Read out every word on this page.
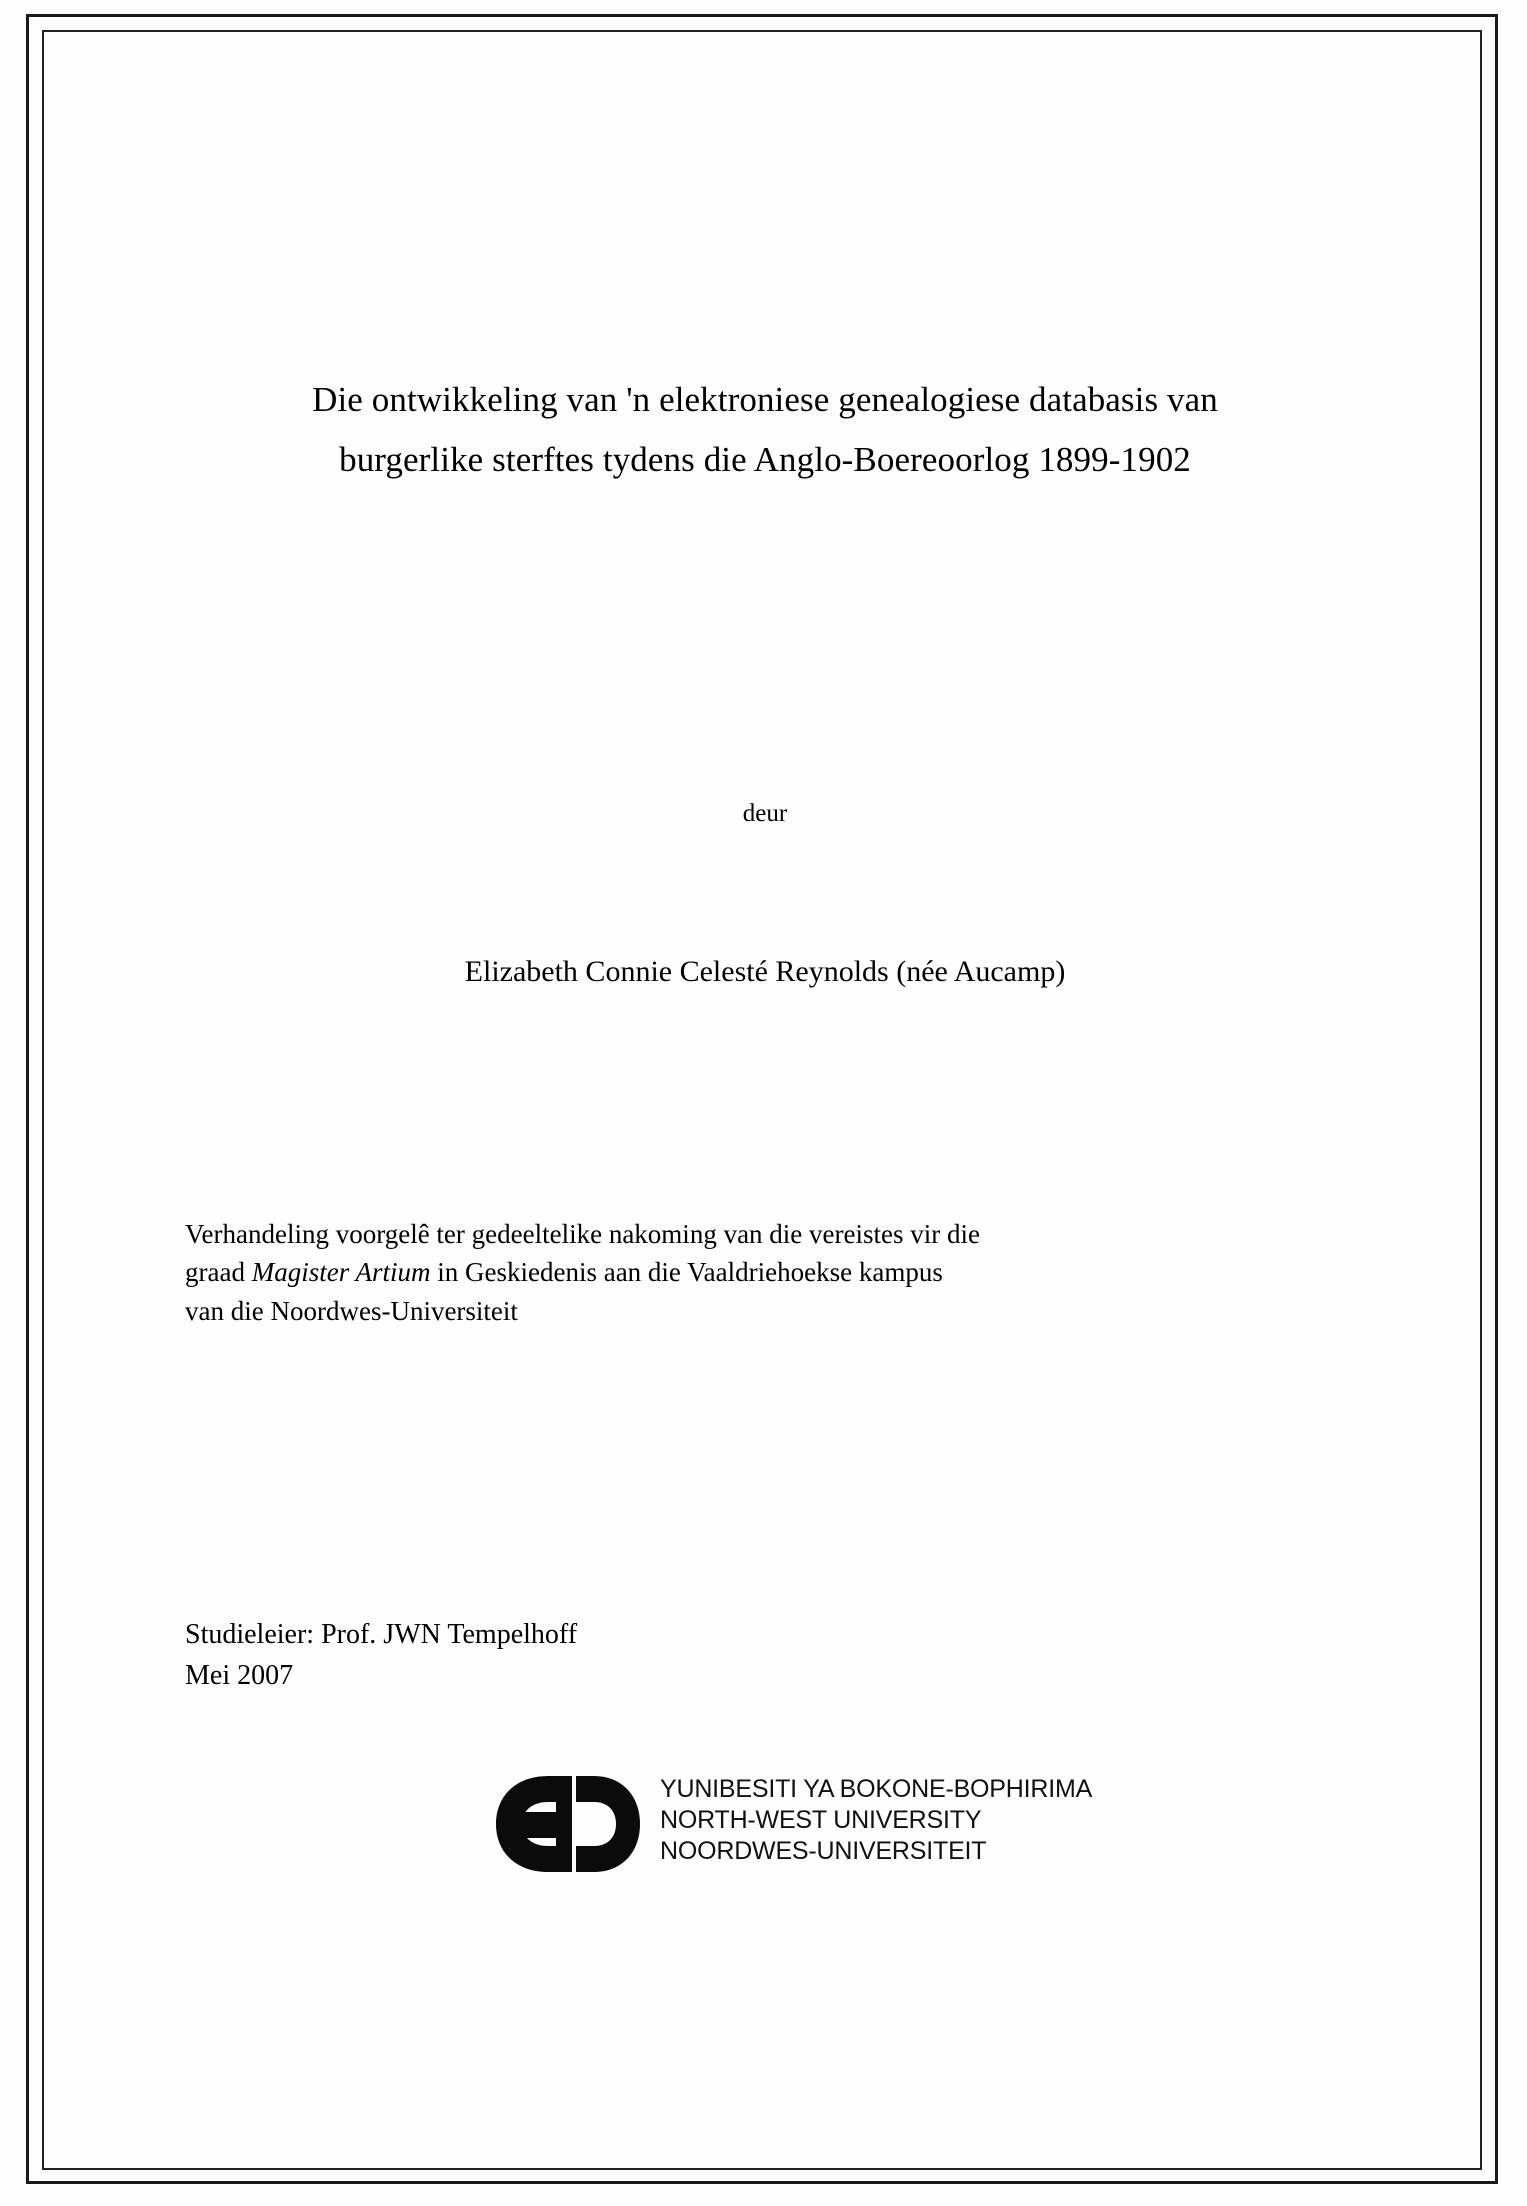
Die ontwikkeling van 'n elektroniese genealogiese databasis van
burgerlike sterftes tydens die Anglo-Boereoorlog 1899-1902
deur
Elizabeth Connie Celesté Reynolds (née Aucamp)
Verhandeling voorgelê ter gedeeltelike nakoming van die vereistes vir die
graad Magister Artium in Geskiedenis aan die Vaaldriehoekse kampus
van die Noordwes-Universiteit
Studieleier: Prof. JWN Tempelhoff
Mei 2007
YUNIBESITI YA BOKONE-BOPHIRIMA
NORTH-WEST UNIVERSITY
NOORDWES-UNIVERSITEIT
